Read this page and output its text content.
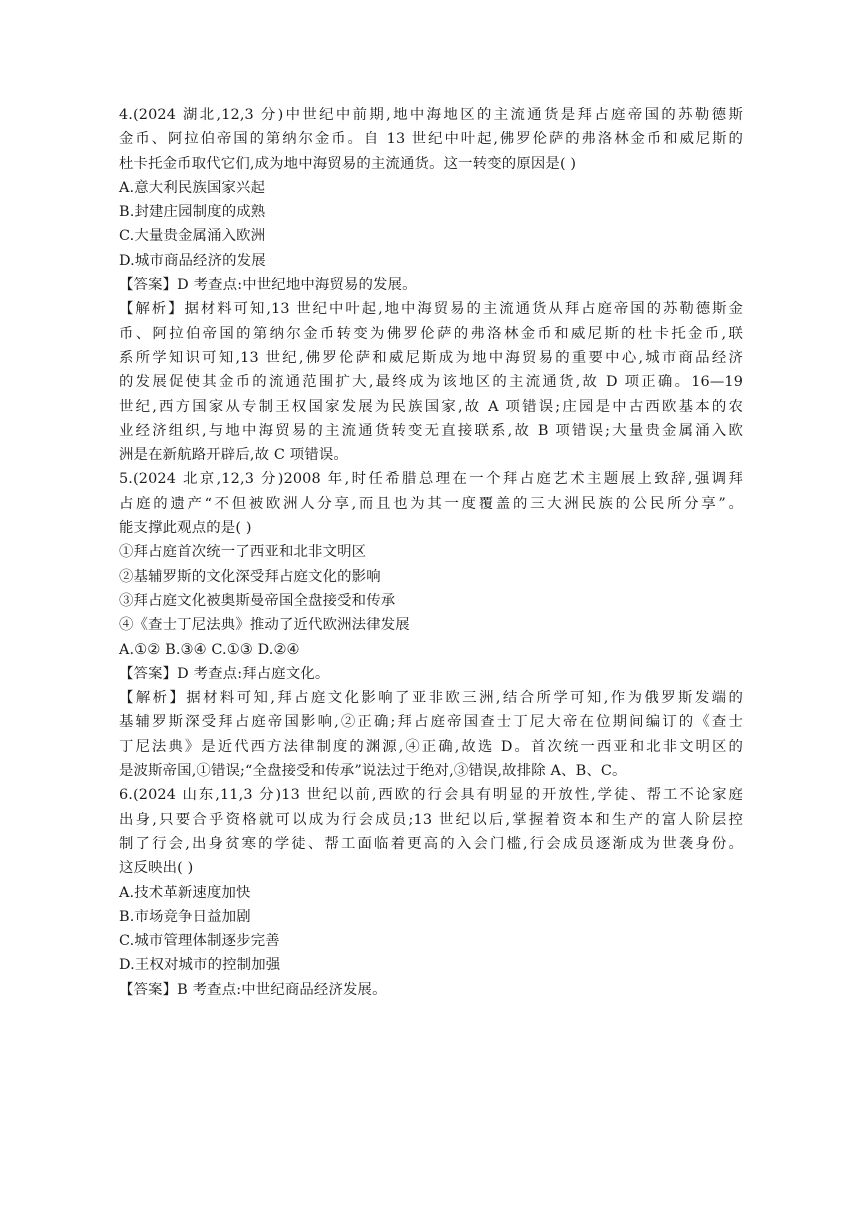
4.(2024 湖北,12,3 分)中世纪中前期,地中海地区的主流通货是拜占庭帝国的苏勒德斯
金币、阿拉伯帝国的第纳尔金币。自 13 世纪中叶起,佛罗伦萨的弗洛林金币和威尼斯的
杜卡托金币取代它们,成为地中海贸易的主流通货。这一转变的原因是( )
A.意大利民族国家兴起
B.封建庄园制度的成熟
C.大量贵金属涌入欧洲
D.城市商品经济的发展
【答案】D 考查点:中世纪地中海贸易的发展。
【解析】据材料可知,13 世纪中叶起,地中海贸易的主流通货从拜占庭帝国的苏勒德斯金
币、阿拉伯帝国的第纳尔金币转变为佛罗伦萨的弗洛林金币和威尼斯的杜卡托金币,联
系所学知识可知,13 世纪,佛罗伦萨和威尼斯成为地中海贸易的重要中心,城市商品经济
的发展促使其金币的流通范围扩大,最终成为该地区的主流通货,故 D 项正确。16—19
世纪,西方国家从专制王权国家发展为民族国家,故 A 项错误;庄园是中古西欧基本的农
业经济组织,与地中海贸易的主流通货转变无直接联系,故 B 项错误;大量贵金属涌入欧
洲是在新航路开辟后,故 C 项错误。
5.(2024 北京,12,3 分)2008 年,时任希腊总理在一个拜占庭艺术主题展上致辞,强调拜
占庭的遗产“不但被欧洲人分享,而且也为其一度覆盖的三大洲民族的公民所分享”。
能支撑此观点的是( )
①拜占庭首次统一了西亚和北非文明区
②基辅罗斯的文化深受拜占庭文化的影响
③拜占庭文化被奥斯曼帝国全盘接受和传承
④《查士丁尼法典》推动了近代欧洲法律发展
A.①② B.③④ C.①③ D.②④
【答案】D 考查点:拜占庭文化。
【解析】据材料可知,拜占庭文化影响了亚非欧三洲,结合所学可知,作为俄罗斯发端的
基辅罗斯深受拜占庭帝国影响,②正确;拜占庭帝国查士丁尼大帝在位期间编订的《查士
丁尼法典》是近代西方法律制度的渊源,④正确,故选 D。首次统一西亚和北非文明区的
是波斯帝国,①错误;“全盘接受和传承”说法过于绝对,③错误,故排除 A、B、C。
6.(2024 山东,11,3 分)13 世纪以前,西欧的行会具有明显的开放性,学徒、帮工不论家庭
出身,只要合乎资格就可以成为行会成员;13 世纪以后,掌握着资本和生产的富人阶层控
制了行会,出身贫寒的学徒、帮工面临着更高的入会门槛,行会成员逐渐成为世袭身份。
这反映出( )
A.技术革新速度加快
B.市场竞争日益加剧
C.城市管理体制逐步完善
D.王权对城市的控制加强
【答案】B 考查点:中世纪商品经济发展。
